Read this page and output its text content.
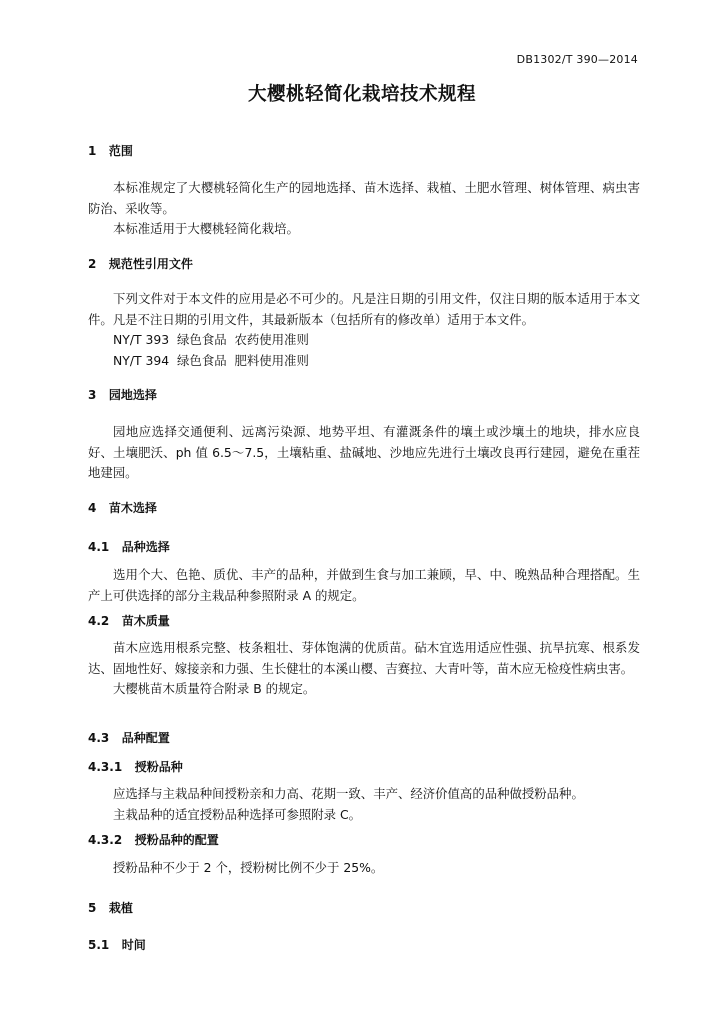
DB1302/T 390—2014
大樱桃轻简化栽培技术规程
1   范围

本标准规定了大樱桃轻简化生产的园地选择、苗木选择、栽植、土肥水管理、树体管理、病虫害防治、采收等。

本标准适用于大樱桃轻简化栽培。

2   规范性引用文件

下列文件对于本文件的应用是必不可少的。凡是注日期的引用文件，仅注日期的版本适用于本文件。凡是不注日期的引用文件，其最新版本（包括所有的修改单）适用于本文件。

NY/T 393  绿色食品  农药使用准则
NY/T 394  绿色食品  肥料使用准则
3   园地选择

园地应选择交通便利、远离污染源、地势平坦、有灌溉条件的壤土或沙壤土的地块，排水应良好、土壤肥沃、ph 值 6.5～7.5，土壤粘重、盐碱地、沙地应先进行土壤改良再行建园，避免在重茬地建园。

4   苗木选择
4.1   品种选择

选用个大、色艳、质优、丰产的品种，并做到生食与加工兼顾，早、中、晚熟品种合理搭配。生产上可供选择的部分主栽品种参照附录 A 的规定。

4.2   苗木质量

苗木应选用根系完整、枝条粗壮、芽体饱满的优质苗。砧木宜选用适应性强、抗旱抗寒、根系发达、固地性好、嫁接亲和力强、生长健壮的本溪山樱、吉赛拉、大青叶等，苗木应无检疫性病虫害。

大樱桃苗木质量符合附录 B 的规定。

4.3   品种配置
4.3.1   授粉品种

应选择与主栽品种间授粉亲和力高、花期一致、丰产、经济价值高的品种做授粉品种。

主栽品种的适宜授粉品种选择可参照附录 C。

4.3.2   授粉品种的配置

授粉品种不少于 2 个，授粉树比例不少于 25%。

5   栽植
5.1   时间
